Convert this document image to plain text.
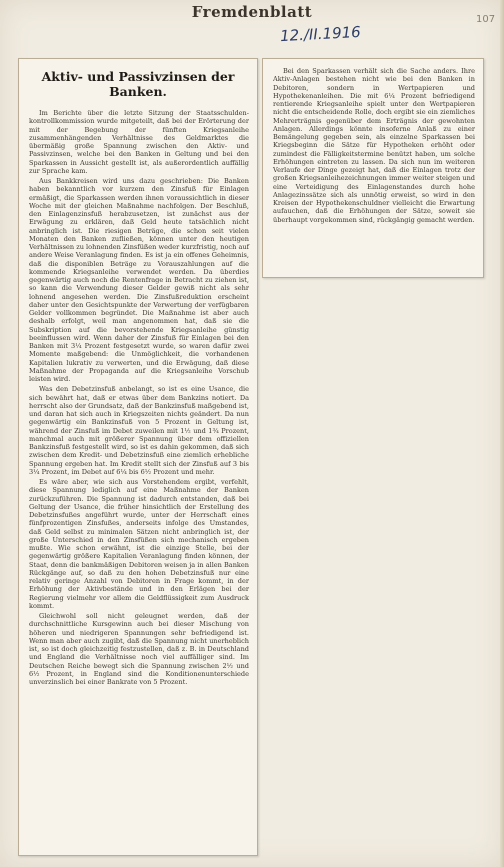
Fremdenblatt
12./II.1916
107
Aktiv- und Passivzinsen der Banken.

Im Berichte über die letzte Sitzung der Staatsschulden-kontrollkommission wurde mitgeteilt, daß bei der Erörterung der mit der Begebung der fünften Kriegsanleihe zusammenhängenden Verhältnisse des Geldmarktes die übermäßig große Spannung zwischen den Aktiv- und Passivzinsen, welche bei den Banken in Geltung und bei den Sparkassen in Aussicht gestellt ist, als außerordentlich auffällig zur Sprache kam.

Aus Bankkreisen wird uns dazu geschrieben: Die Banken haben bekanntlich vor kurzem den Zinsfuß für Einlagen ermäßigt, die Sparkassen werden ihnen voraussichtlich in dieser Woche mit der gleichen Maßnahme nachfolgen. Der Beschluß, den Einlagenzinsfuß herabzusetzen, ist zunächst aus der Erwägung zu erklären, daß Geld heute tatsächlich nicht anbringlich ist. Die riesigen Beträge, die schon seit vielen Monaten den Banken zufließen, können unter den heutigen Verhältnissen zu lohnenden Zinsfüßen weder kurzfristig, noch auf andere Weise Veranlagung finden. Es ist ja ein offenes Geheimnis, daß die disponiblen Beträge zu Vorauszahlungen auf die kommende Kriegsanleihe verwendet werden. Da überdies gegenwärtig auch noch die Rentenfrage in Betracht zu ziehen ist, so kann die Verwendung dieser Gelder gewiß nicht als sehr lohnend angesehen werden. Die Zinsfußreduktion erscheint daher unter den Gesichtspunkte der Verwertung der verfügbaren Gelder vollkommen begründet. Die Maßnahme ist aber auch deshalb erfolgt, weil man angenommen hat, daß sie die Subskription auf die bevorstehende Kriegsanleihe günstig beeinflussen wird. Wenn daher der Zinsfuß für Einlagen bei den Banken mit 3¼ Prozent festgesetzt wurde, so waren dafür zwei Momente maßgebend: die Unmöglichkeit, die vorhandenen Kapitalien lukrativ zu verwerten, und die Erwägung, daß diese Maßnahme der Propaganda auf die Kriegsanleihe Vorschub leisten wird.

Was den Debetzinsfuß anbelangt, so ist es eine Usance, die sich bewährt hat, daß er etwas über dem Bankzins notiert. Da herrscht also der Grundsatz, daß der Bankzinsfuß maßgebend ist, und daran hat sich auch in Kriegszeiten nichts geändert. Da nun gegenwärtig ein Bankzinsfuß von 5 Prozent in Geltung ist, während der Zinsfuß im Debet zuweilen mit 1½ und 1¾ Prozent, manchmal auch mit größerer Spannung über dem offiziellen Bankzinsfuß festgestellt wird, so ist es dahin gekommen, daß sich zwischen dem Kredit- und Debetzinsfuß eine ziemlich erhebliche Spannung ergeben hat. Im Kredit stellt sich der Zinsfuß auf 3 bis 3¼ Prozent, im Debet auf 6¼ bis 6½ Prozent und mehr.

Es wäre aber, wie sich aus Vorstehendem ergibt, verfehlt, diese Spannung lediglich auf eine Maßnahme der Banken zurückzuführen. Die Spannung ist dadurch entstanden, daß bei Geltung der Usance, die früher hinsichtlich der Erstellung des Debetzinsfußes angeführt wurde, unter der Herrschaft eines fünfprozentigen Zinsfußes, anderseits infolge des Umstandes, daß Geld selbst zu minimalen Sätzen nicht anbringlich ist, der große Unterschied in den Zinsfüßen sich mechanisch ergeben mußte. Wie schon erwähnt, ist die einzige Stelle, bei der gegenwärtig größere Kapitalien Veranlagung finden können, der Staat, denn die bankmäßigen Debitoren weisen ja in allen Banken Rückgänge auf, so daß zu den hohen Debetzinsfuß nur eine relativ geringe Anzahl von Debitoren in Frage kommt, in der Erhöhung der Aktivbestände und in den Erlägen bei der Regierung vielmehr vor allem die Geldflüssigkeit zum Ausdruck kommt.

Gleichwohl soll nicht geleugnet werden, daß der durchschnittliche Kursgewinn auch bei dieser Mischung von höheren und niedrigeren Spannungen sehr befriedigend ist. Wenn man aber auch zugibt, daß die Spannung nicht unerheblich ist, so ist doch gleichzeitig festzustellen, daß z. B. in Deutschland und England die Verhältnisse noch viel auffälliger sind. Im Deutschen Reiche bewegt sich die Spannung zwischen 2½ und 6½ Prozent, in England sind die Konditionenunterschiede unverzinslich bei einer Bankrate von 5 Prozent.

Bei den Sparkassen verhält sich die Sache anders. Ihre Aktiv-Anlagen bestehen nicht wie bei den Banken in Debitoren, sondern in Wertpapieren und Hypothekenanleihen. Die mit 6¼ Prozent befriedigend rentierende Kriegsanleihe spielt unter den Wertpapieren nicht die entscheidende Rolle, doch ergibt sie ein ziemliches Mehrerträgnis gegenüber dem Erträgnis der gewohnten Anlagen. Allerdings könnte insoferne Anlaß zu einer Bemängelung gegeben sein, als einzelne Sparkassen bei Kriegsbeginn die Sätze für Hypotheken erhöht oder zumindest die Fälligkeitstermine benützt haben, um solche Erhöhungen eintreten zu lassen. Da sich nun im weiteren Verlaufe der Dinge gezeigt hat, daß die Einlagen trotz der großen Kriegsanleihezeichnungen immer weiter steigen und eine Verteidigung des Einlagenstandes durch hohe Anlagezinssätze sich als unnötig erweist, so wird in den Kreisen der Hypothekenschuldner vielleicht die Erwartung aufauchen, daß die Erhöhungen der Sätze, soweit sie überhaupt vorgekommen sind, rückgängig gemacht werden.
